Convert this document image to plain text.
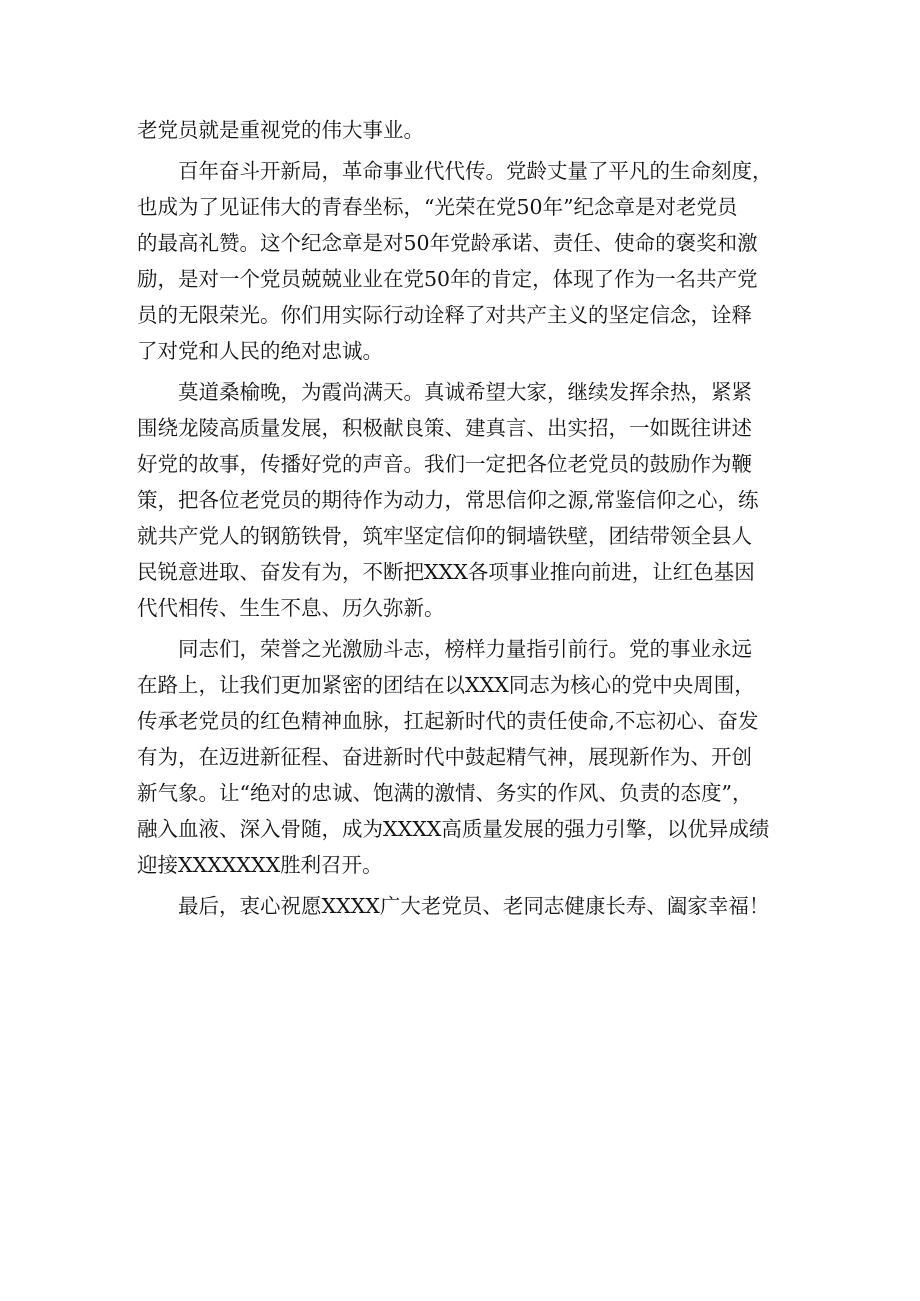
老党员就是重视党的伟大事业。
　　百年奋斗开新局，革命事业代代传。党龄丈量了平凡的生命刻度，
也成为了见证伟大的青春坐标，“光荣在党50年”纪念章是对老党员
的最高礼赞。这个纪念章是对50年党龄承诺、责任、使命的褒奖和激
励，是对一个党员兢兢业业在党50年的肯定，体现了作为一名共产党
员的无限荣光。你们用实际行动诠释了对共产主义的坚定信念，诠释
了对党和人民的绝对忠诚。
　　莫道桑榆晚，为霞尚满天。真诚希望大家，继续发挥余热，紧紧
围绕龙陵高质量发展，积极献良策、建真言、出实招，一如既往讲述
好党的故事，传播好党的声音。我们一定把各位老党员的鼓励作为鞭
策，把各位老党员的期待作为动力，常思信仰之源,常鉴信仰之心，练
就共产党人的钢筋铁骨，筑牢坚定信仰的铜墙铁壁，团结带领全县人
民锐意进取、奋发有为，不断把XXX各项事业推向前进，让红色基因
代代相传、生生不息、历久弥新。
　　同志们，荣誉之光激励斗志，榜样力量指引前行。党的事业永远
在路上，让我们更加紧密的团结在以XXX同志为核心的党中央周围，
传承老党员的红色精神血脉，扛起新时代的责任使命,不忘初心、奋发
有为，在迈进新征程、奋进新时代中鼓起精气神，展现新作为、开创
新气象。让“绝对的忠诚、饱满的激情、务实的作风、负责的态度”，
融入血液、深入骨随，成为XXXX高质量发展的强力引擎，以优异成绩
迎接XXXXXXX胜利召开。
　　最后，衷心祝愿XXXX广大老党员、老同志健康长寿、阖家幸福！
